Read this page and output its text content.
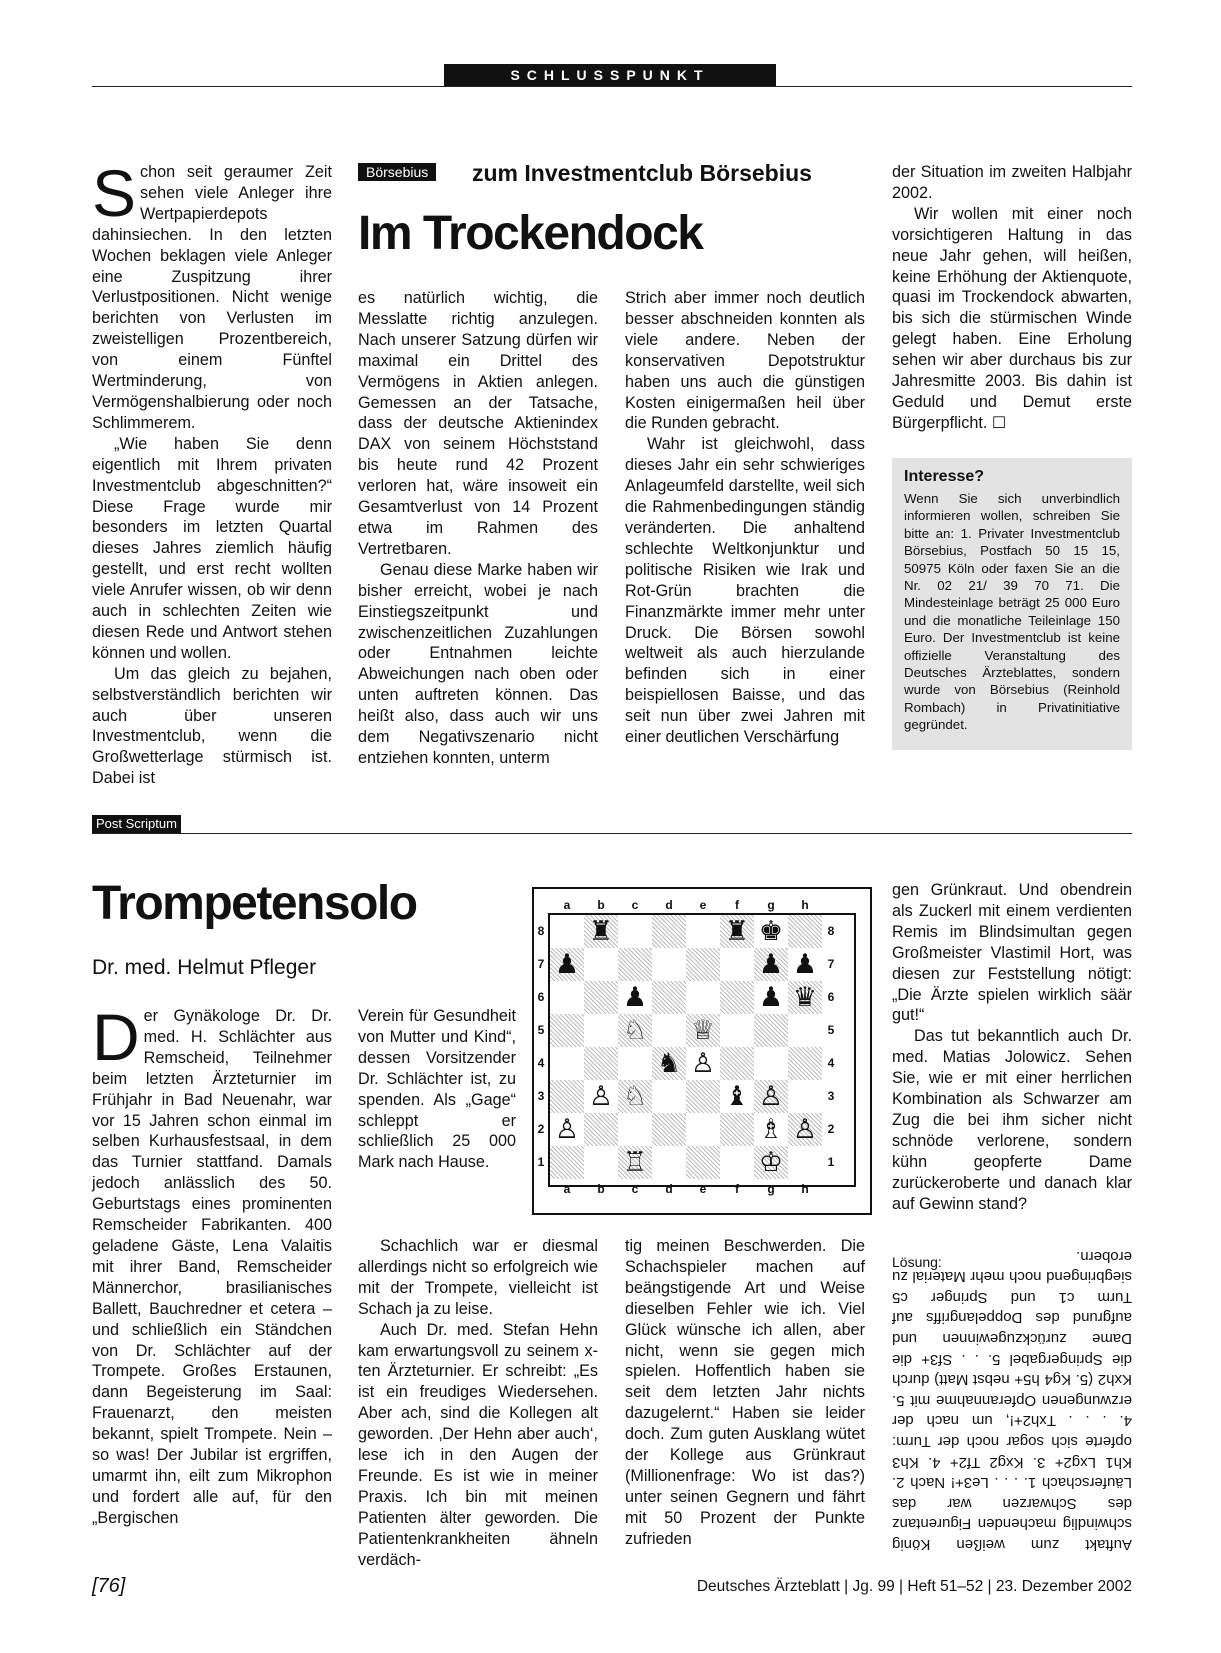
SCHLUSSPUNKT

Schon seit geraumer Zeit sehen viele Anleger ihre Wertpapierdepots dahinsiechen. In den letzten Wochen beklagen viele Anleger eine Zuspitzung ihrer Verlustpositionen. Nicht wenige berichten von Verlusten im zweistelligen Prozentbereich, von einem Fünftel Wertminderung, von Vermögenshalbierung oder noch Schlimmerem.

„Wie haben Sie denn eigentlich mit Ihrem privaten Investmentclub abgeschnitten?“ Diese Frage wurde mir besonders im letzten Quartal dieses Jahres ziemlich häufig gestellt, und erst recht wollten viele Anrufer wissen, ob wir denn auch in schlechten Zeiten wie diesen Rede und Antwort stehen können und wollen.

Um das gleich zu bejahen, selbstverständlich berichten wir auch über unseren Investmentclub, wenn die Großwetterlage stürmisch ist. Dabei ist

Börsebius	zum Investmentclub Börsebius
Im Trockendock

es natürlich wichtig, die Messlatte richtig anzulegen. Nach unserer Satzung dürfen wir maximal ein Drittel des Vermögens in Aktien anlegen. Gemessen an der Tatsache, dass der deutsche Aktienindex DAX von seinem Höchststand bis heute rund 42 Prozent verloren hat, wäre insoweit ein Gesamtverlust von 14 Prozent etwa im Rahmen des Vertretbaren.

Genau diese Marke haben wir bisher erreicht, wobei je nach Einstiegszeitpunkt und zwischenzeitlichen Zuzahlungen oder Entnahmen leichte Abweichungen nach oben oder unten auftreten können. Das heißt also, dass auch wir uns dem Negativszenario nicht entziehen konnten, unterm

Strich aber immer noch deutlich besser abschneiden konnten als viele andere. Neben der konservativen Depotstruktur haben uns auch die günstigen Kosten einigermaßen heil über die Runden gebracht.

Wahr ist gleichwohl, dass dieses Jahr ein sehr schwieriges Anlageumfeld darstellte, weil sich die Rahmenbedingungen ständig veränderten. Die anhaltend schlechte Weltkonjunktur und politische Risiken wie Irak und Rot-Grün brachten die Finanzmärkte immer mehr unter Druck. Die Börsen sowohl weltweit als auch hierzulande befinden sich in einer beispiellosen Baisse, und das seit nun über zwei Jahren mit einer deutlichen Verschärfung

der Situation im zweiten Halbjahr 2002.

Wir wollen mit einer noch vorsichtigeren Haltung in das neue Jahr gehen, will heißen, keine Erhöhung der Aktienquote, quasi im Trockendock abwarten, bis sich die stürmischen Winde gelegt haben. Eine Erholung sehen wir aber durchaus bis zur Jahresmitte 2003. Bis dahin ist Geduld und Demut erste Bürgerpflicht. ☐

Interesse?
Wenn Sie sich unverbindlich informieren wollen, schreiben Sie bitte an: 1. Privater Investmentclub Börsebius, Postfach 50 15 15, 50975 Köln oder faxen Sie an die Nr. 02 21/ 39 70 71. Die Mindesteinlage beträgt 25 000 Euro und die monatliche Teileinlage 150 Euro. Der Investmentclub ist keine offizielle Veranstaltung des Deutsches Ärzteblattes, sondern wurde von Börsebius (Reinhold Rombach) in Privatinitiative gegründet.
Post Scriptum
Trompetensolo
Dr. med. Helmut Pfleger

Der Gynäkologe Dr. Dr. med. H. Schlächter aus Remscheid, Teilnehmer beim letzten Ärzteturnier im Frühjahr in Bad Neuenahr, war vor 15 Jahren schon einmal im selben Kurhausfestsaal, in dem das Turnier stattfand. Damals jedoch anlässlich des 50. Geburtstags eines prominenten Remscheider Fabrikanten. 400 geladene Gäste, Lena Valaitis mit ihrer Band, Remscheider Männerchor, brasilianisches Ballett, Bauchredner et cetera – und schließlich ein Ständchen von Dr. Schlächter auf der Trompete. Großes Erstaunen, dann Begeisterung im Saal: Frauenarzt, den meisten bekannt, spielt Trompete. Nein – so was! Der Jubilar ist ergriffen, umarmt ihn, eilt zum Mikrophon und fordert alle auf, für den „Bergischen

Verein für Gesundheit von Mutter und Kind“, dessen Vorsitzender Dr. Schlächter ist, zu spenden. Als „Gage“ schleppt er schließlich 25 000 Mark nach Hause.

Schachlich war er diesmal allerdings nicht so erfolgreich wie mit der Trompete, vielleicht ist Schach ja zu leise.

Auch Dr. med. Stefan Hehn kam erwartungsvoll zu seinem x-ten Ärzteturnier. Er schreibt: „Es ist ein freudiges Wiedersehen. Aber ach, sind die Kollegen alt geworden. ‚Der Hehn aber auch‘, lese ich in den Augen der Freunde. Es ist wie in meiner Praxis. Ich bin mit meinen Patienten älter geworden. Die Patientenkrankheiten ähneln verdäch-

tig meinen Beschwerden. Die Schachspieler machen auf beängstigende Art und Weise dieselben Fehler wie ich. Viel Glück wünsche ich allen, aber nicht, wenn sie gegen mich spielen. Hoffentlich haben sie seit dem letzten Jahr nichts dazugelernt.“ Haben sie leider doch. Zum guten Ausklang wütet der Kollege aus Grünkraut (Millionenfrage: Wo ist das?) unter seinen Gegnern und fährt mit 50 Prozent der Punkte zufrieden

gen Grünkraut. Und obendrein als Zuckerl mit einem verdienten Remis im Blindsimultan gegen Großmeister Vlastimil Hort, was diesen zur Feststellung nötigt: „Die Ärzte spielen wirklich säär gut!“

Das tut bekanntlich auch Dr. med. Matias Jolowicz. Sehen Sie, wie er mit einer herrlichen Kombination als Schwarzer am Zug die bei ihm sicher nicht schnöde verlorene, sondern kühn geopferte Dame zurückeroberte und danach klar auf Gewinn stand?

Lösung:
Auftakt zum weißen König schwindlig machenden Figurentanz des Schwarzen war das Läuferschach 1. . . . Le3+! Nach 2. Kh1 Lxg2+ 3. Kxg2 Tf2+ 4. Kh3 opferte sich sogar noch der Turm: 4. . . . Txh2+!, um nach der erzwungenen Opferannahme mit 5. Kxh2 (5. Kg4 h5+ nebst Matt) durch die Springergabel 5. . . Sf3+ die Dame zurückzugewinnen und aufgrund des Doppelangriffs auf Turm c1 und Springer c5 siegbringend noch mehr Material zu erobern.
♜	♜ ♚
♟	♟ ♟
♟	♟ ♛
♘ ♕
♞ ♙
♙ ♘	♝ ♙
♙	♗ ♙
♖	♔
a
a
b
b
c
c
d
d
e
e
f
f
g
g
h
h
8	8
7	7
6	6
5	5
4	4
3	3
2	2
1	1
[76]	Deutsches Ärzteblatt | Jg. 99 | Heft 51–52 | 23. Dezember 2002
